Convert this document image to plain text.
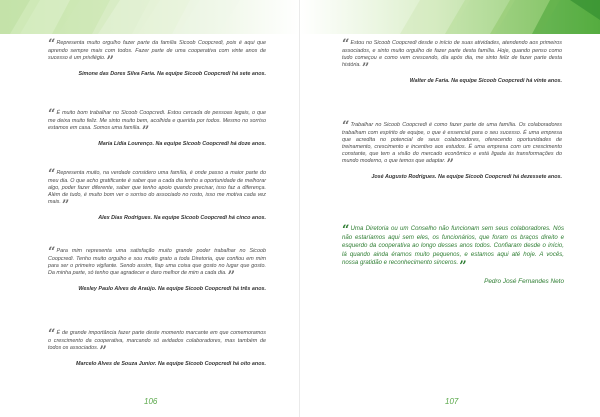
“Representa muito orgulho fazer parte da família Sicoob Coopcredi, pois é aqui que aprendo sempre mais com todos. Fazer parte de uma cooperativa com vinte anos de sucesso é um privilégio.”
Simone das Dores Silva Faria. Na equipe Sicoob Coopcredi há sete anos.
“É muito bom trabalhar no Sicoob Coopcredi. Estou cercada de pessoas legais, o que me deixa muito feliz. Me sinto muito bem, acolhida e querida por todos. Mesmo no sorriso estamos em casa. Somos uma família.”
Maria Lídia Lourenço. Na equipe Sicoob Coopcredi há doze anos.
“Representa muito, na verdade considero uma família, é onde passo a maior parte do meu dia. O que acho gratificante é saber que a cada dia tenho a oportunidade de melhorar algo, poder fazer diferente, saber que tenho apoio quando precisar, isso faz a diferença. Além de tudo, é muito bom ver o sorriso do associado no rosto, isso me motiva cada vez mais.”
Alex Dias Rodrigues. Na equipe Sicoob Coopcredi há cinco anos.
“Para mim representa uma satisfação muito grande poder trabalhar no Sicoob Coopcredi. Tenho muito orgulho e sou muito grato a toda Diretoria, que confiou em mim para ser o primeiro vigilante. Sendo assim, fiap uma coisa que gosto no lugar que gosto. Da minha parte, só tenho que agradecer e daro melhor de mim a cada dia.”
Wesley Paulo Alves de Araújo. Na equipe Sicoob Coopcredi há três anos.
“É de grande importância fazer parte deste momento marcante em que comemoramos o crescimento da cooperativa, marcando só avidados colaboradores, mas também de todos os associados.”
Marcelo Alves de Souza Junior. Na equipe Sicoob Coopcredi há oito anos.
106
“Estou no Sicoob Coopcredi desde o início de suas atividades, atendendo aos primeiros associados, e sinto muito orgulho de fazer parte desta família. Hoje, quando penso como tudo começou e como vem crescendo, dia após dia, me sinto feliz de fazer parte desta história.”
Walter de Faria. Na equipe Sicoob Coopcredi há vinte anos.
“Trabalhar no Sicoob Coopcredi é como fazer parte de uma família. Os colaboradores trabalham com espírito de equipe, o que é essencial para o seu sucesso. É uma empresa que acredita no potencial de seus colaboradores, oferecendo oportunidades de treinamento, crescimento e incentivo aos estudos. É uma empresa com um crescimento constante, que tem a visão do mercado econômico e está ligada às transformações do mundo moderno, o que temos que adaptar.”
José Augusto Rodrigues. Na equipe Sicoob Coopcredi há dezessete anos.
“Uma Diretoria ou um Conselho não funcionam sem seus colaboradores. Nós não estaríamos aqui sem eles, os funcionários, que foram os braços direito e esquerdo da cooperativa ao longo desses anos todos. Confiaram desde o início, lá quando ainda éramos muito pequenos, e estamos aqui até hoje. A vocês, nossa gratidão e reconhecimento sinceros.”
Pedro José Fernandes Neto
107
